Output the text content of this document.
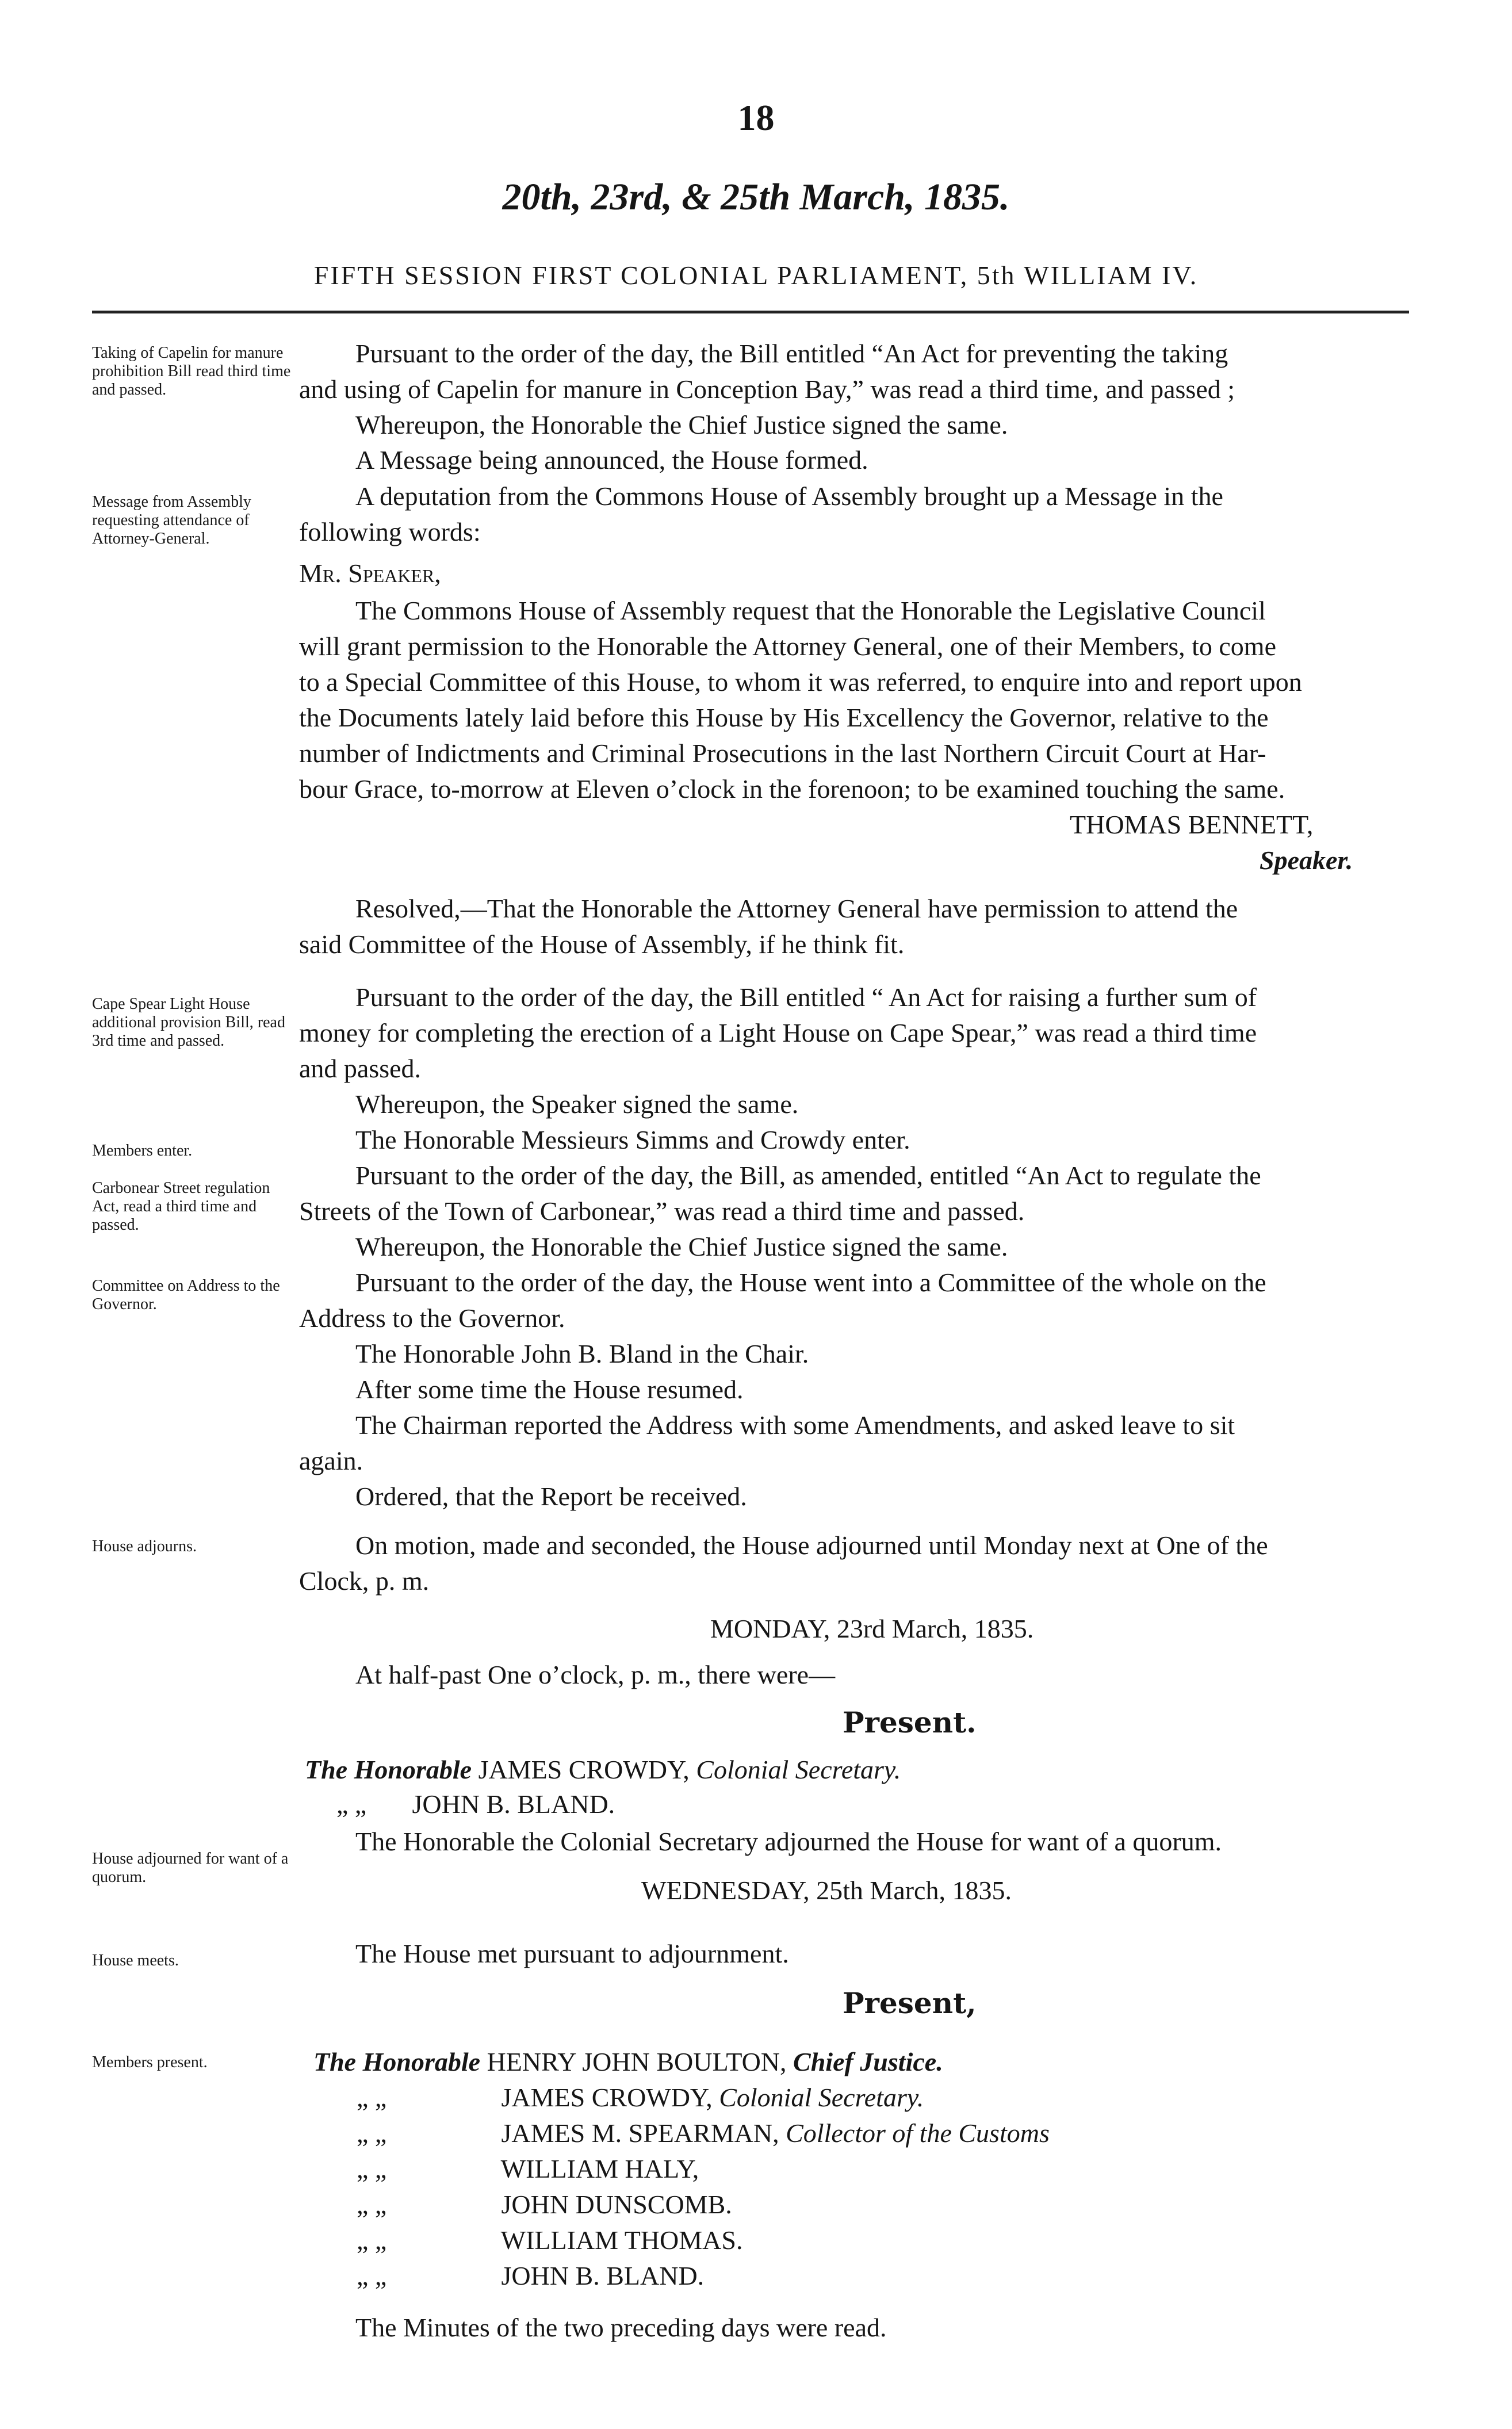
18
20th, 23rd, & 25th March, 1835.
FIFTH SESSION FIRST COLONIAL PARLIAMENT, 5th WILLIAM IV.
Taking of Capelin for manure prohibition Bill read third time and passed.
Message from Assembly requesting attendance of Attorney-General.
Cape Spear Light House additional provision Bill, read 3rd time and passed.
Members enter.
Carbonear Street regulation Act, read a third time and passed.
Committee on Address to the Governor.
House adjourns.
House adjourned for want of a quorum.
House meets.
Members present.
Pursuant to the order of the day, the Bill entitled “An Act for preventing the taking
and using of Capelin for manure in Conception Bay,” was read a third time, and passed ;
Whereupon, the Honorable the Chief Justice signed the same.
A Message being announced, the House formed.
A deputation from the Commons House of Assembly brought up a Message in the
following words:
Mr. Speaker,
The Commons House of Assembly request that the Honorable the Legislative Council
will grant permission to the Honorable the Attorney General, one of their Members, to come
to a Special Committee of this House, to whom it was referred, to enquire into and report upon
the Documents lately laid before this House by His Excellency the Governor, relative to the
number of Indictments and Criminal Prosecutions in the last Northern Circuit Court at Har-
bour Grace, to-morrow at Eleven o’clock in the forenoon; to be examined touching the same.
THOMAS BENNETT,
Speaker.
Resolved,—That the Honorable the Attorney General have permission to attend the
said Committee of the House of Assembly, if he think fit.
Pursuant to the order of the day, the Bill entitled “ An Act for raising a further sum of
money for completing the erection of a Light House on Cape Spear,” was read a third time
and passed.
Whereupon, the Speaker signed the same.
The Honorable Messieurs Simms and Crowdy enter.
Pursuant to the order of the day, the Bill, as amended, entitled “An Act to regulate the
Streets of the Town of Carbonear,” was read a third time and passed.
Whereupon, the Honorable the Chief Justice signed the same.
Pursuant to the order of the day, the House went into a Committee of the whole on the
Address to the Governor.
The Honorable John B. Bland in the Chair.
After some time the House resumed.
The Chairman reported the Address with some Amendments, and asked leave to sit
again.
Ordered, that the Report be received.
On motion, made and seconded, the House adjourned until Monday next at One of the
Clock, p. m.
MONDAY, 23rd March, 1835.
At half-past One o’clock, p. m., there were—
Present.
The Honorable JAMES CROWDY, Colonial Secretary.
„ „ JOHN B. BLAND.
The Honorable the Colonial Secretary adjourned the House for want of a quorum.
WEDNESDAY, 25th March, 1835.
The House met pursuant to adjournment.
Present,
The Honorable HENRY JOHN BOULTON, Chief Justice.
„ „	JAMES CROWDY, Colonial Secretary.
„ „	JAMES M. SPEARMAN, Collector of the Customs
„ „	WILLIAM HALY,
„ „	JOHN DUNSCOMB.
„ „	WILLIAM THOMAS.
„ „	JOHN B. BLAND.
The Minutes of the two preceding days were read.
